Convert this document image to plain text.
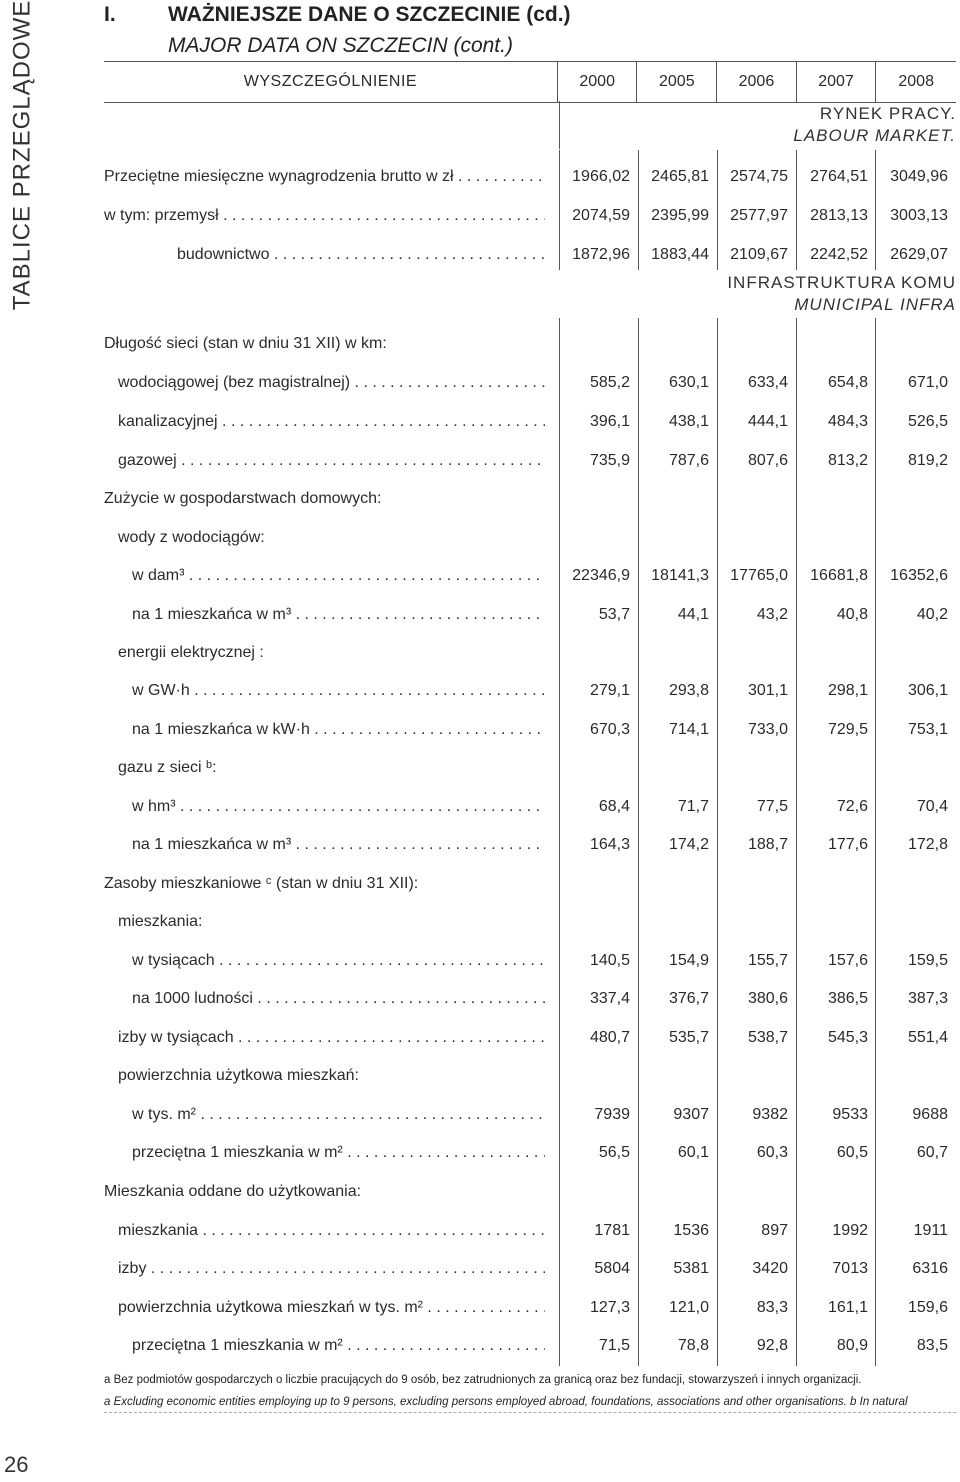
TABLICE PRZEGLĄDOWE
26
I. WAŻNIEJSZE DANE O SZCZECINIE (cd.)
MAJOR DATA ON SZCZECIN (cont.)
WYSZCZEGÓLNIENIE	2000	2005	2006	2007	2008
RYNEK PRACY.
LABOUR MARKET.
INFRASTRUKTURA KOMU
MUNICIPAL INFRA
Przeciętne miesięczne wynagrodzenia brutto w zł . . .	1966,02	2465,81	2574,75	2764,51	3049,96
w tym: przemysł . . .	2074,59	2395,99	2577,97	2813,13	3003,13
budownictwo . . .	1872,96	1883,44	2109,67	2242,52	2629,07
Długość sieci (stan w dniu 31 XII) w km:
wodociągowej (bez magistralnej) . . .	585,2	630,1	633,4	654,8	671,0
kanalizacyjnej . . .	396,1	438,1	444,1	484,3	526,5
gazowej . . .	735,9	787,6	807,6	813,2	819,2
Zużycie w gospodarstwach domowych:
wody z wodociągów:
w dam³ . . .	22346,9	18141,3	17765,0	16681,8	16352,6
na 1 mieszkańca w m³ . . .	53,7	44,1	43,2	40,8	40,2
energii elektrycznej :
w GW·h . . .	279,1	293,8	301,1	298,1	306,1
na 1 mieszkańca w kW·h . . .	670,3	714,1	733,0	729,5	753,1
gazu z sieci ᵇ:
w hm³ . . .	68,4	71,7	77,5	72,6	70,4
na 1 mieszkańca w m³ . . .	164,3	174,2	188,7	177,6	172,8
Zasoby mieszkaniowe ᶜ (stan w dniu 31 XII):
mieszkania:
w tysiącach . . .	140,5	154,9	155,7	157,6	159,5
na 1000 ludności . . .	337,4	376,7	380,6	386,5	387,3
izby w tysiącach . . .	480,7	535,7	538,7	545,3	551,4
powierzchnia użytkowa mieszkań:
w tys. m² . . .	7939	9307	9382	9533	9688
przeciętna 1 mieszkania w m² . . .	56,5	60,1	60,3	60,5	60,7
Mieszkania oddane do użytkowania:
mieszkania . . .	1781	1536	897	1992	1911
izby . . .	5804	5381	3420	7013	6316
powierzchnia użytkowa mieszkań w tys. m² . . .	127,3	121,0	83,3	161,1	159,6
przeciętna 1 mieszkania w m² . . .	71,5	78,8	92,8	80,9	83,5
a Bez podmiotów gospodarczych o liczbie pracujących do 9 osób, bez zatrudnionych za granicą oraz bez fundacji, stowarzyszeń i innych organizacji.
a Excluding economic entities employing up to 9 persons, excluding persons employed abroad, foundations, associations and other organisations. b In natural
